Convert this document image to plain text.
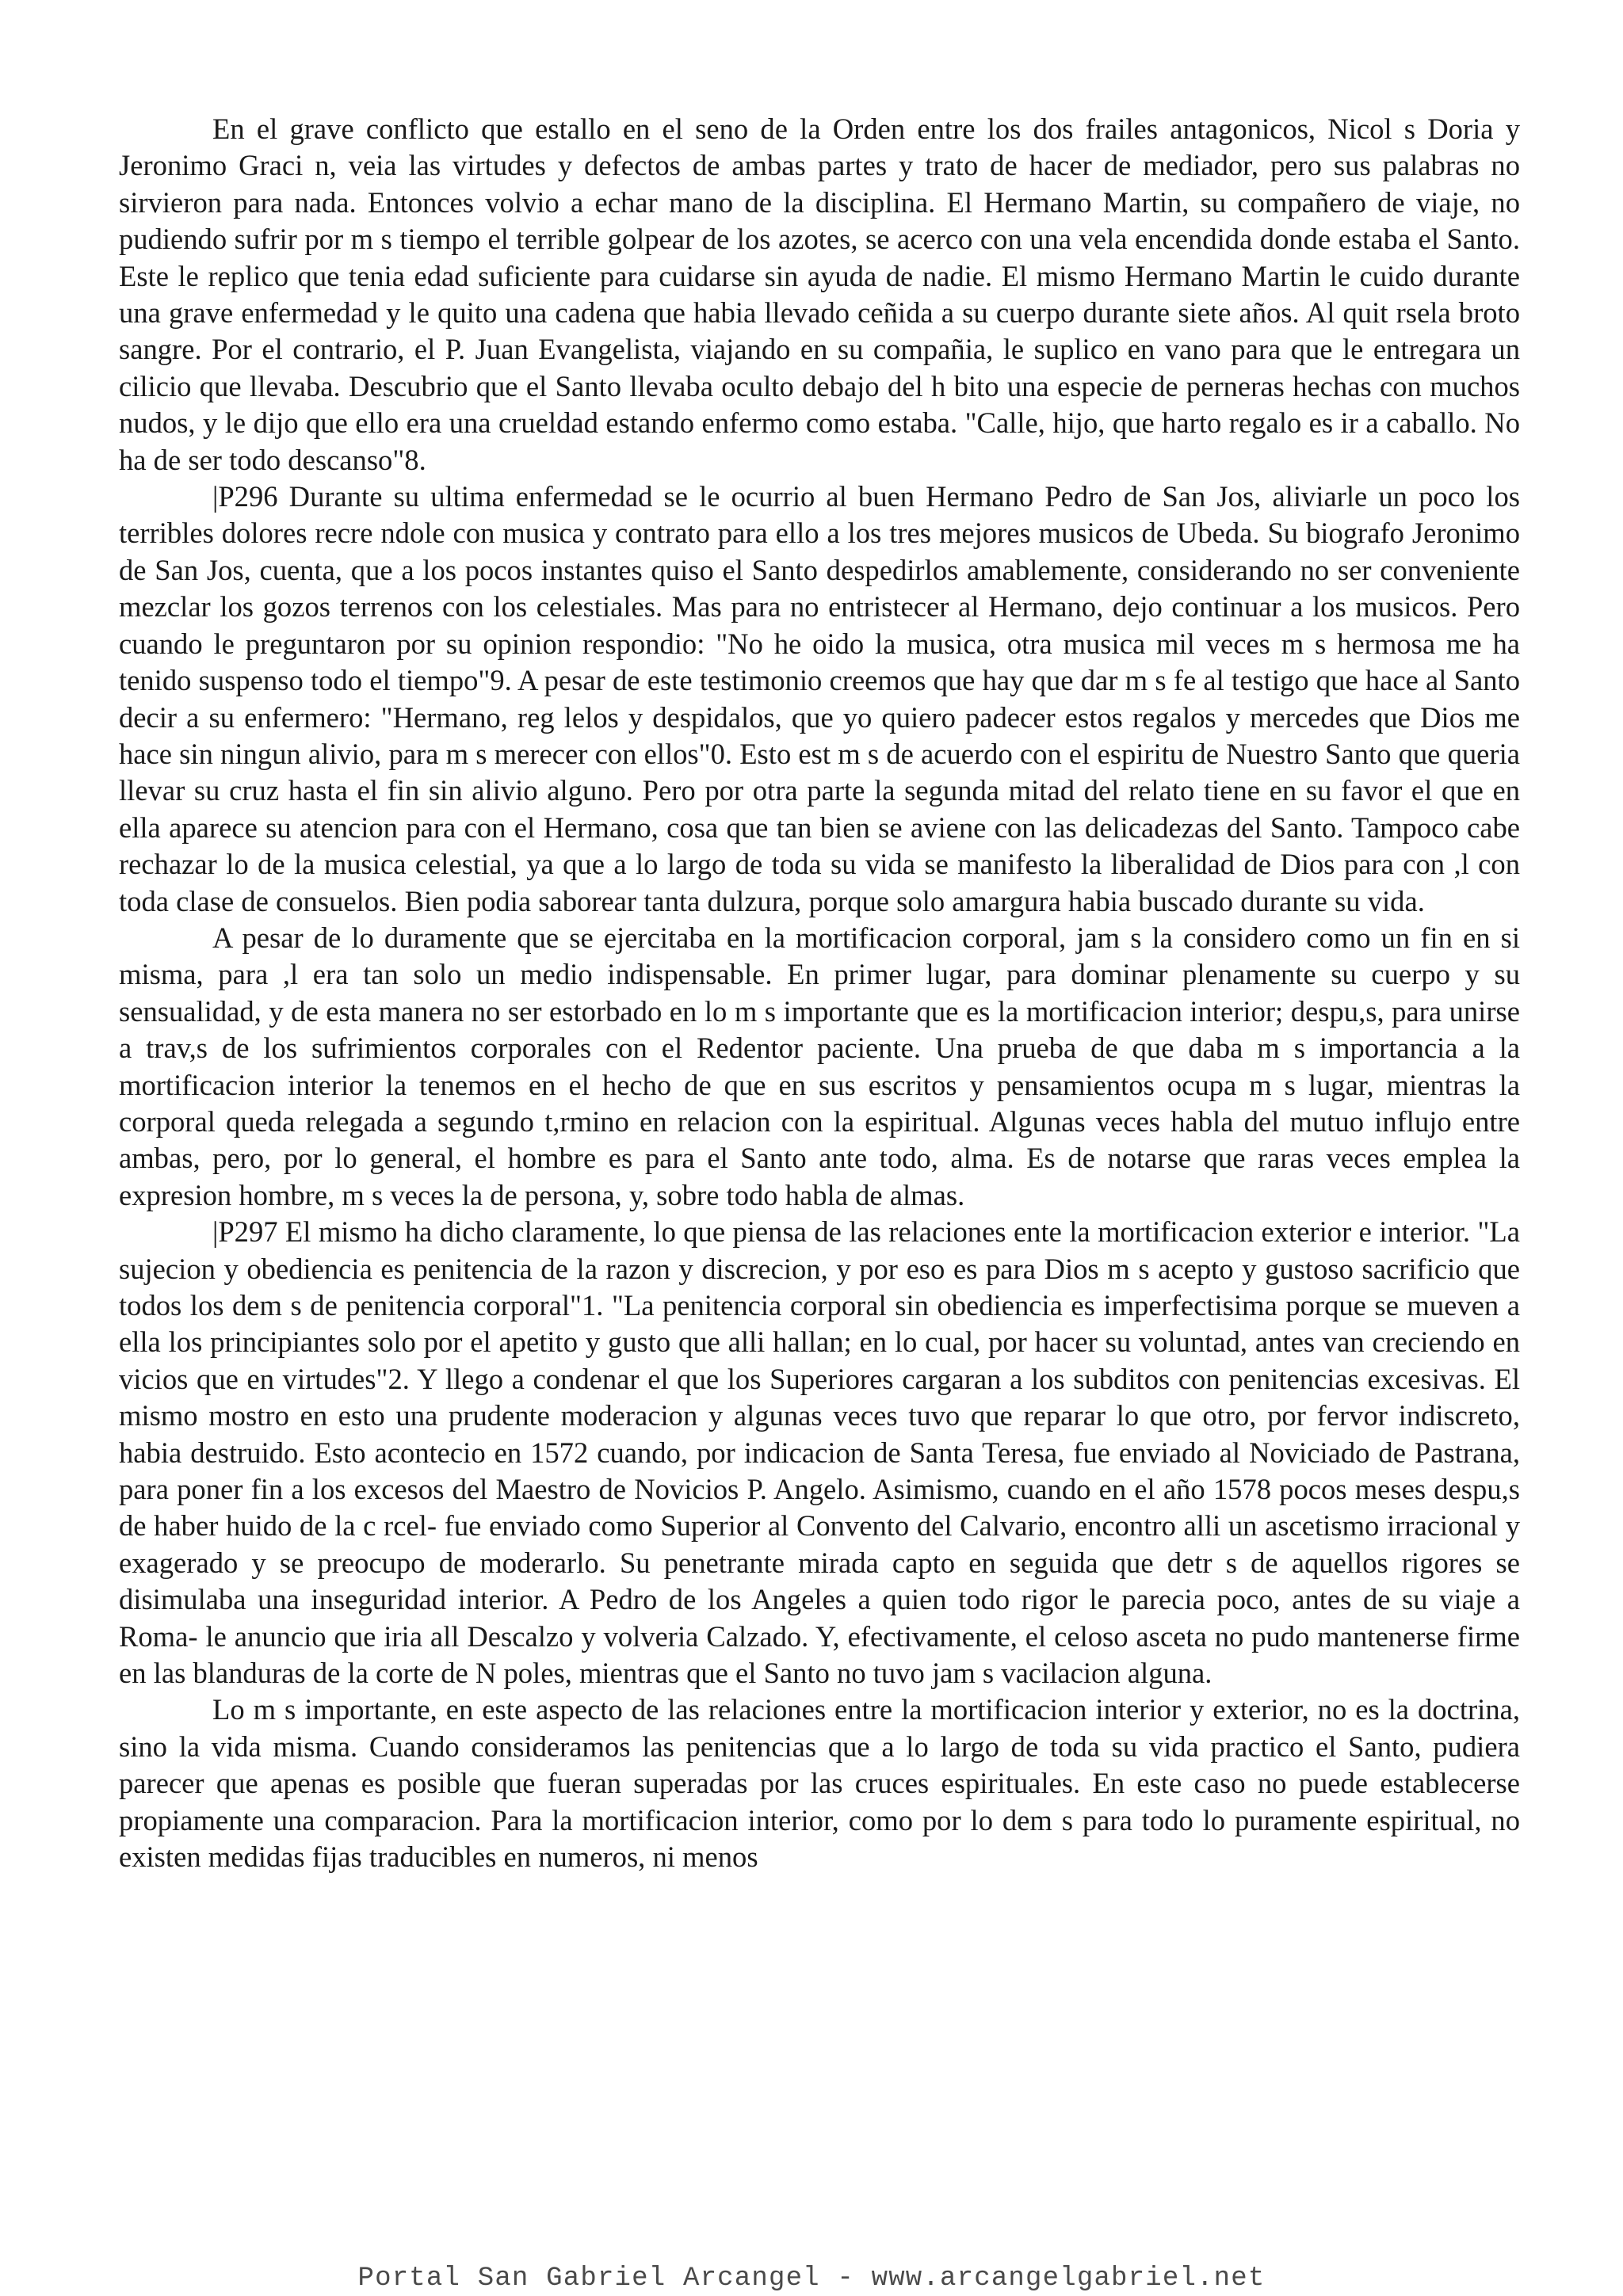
En el grave conflicto que estallo en el seno de la Orden entre los dos frailes antagonicos, Nicol s Doria y Jeronimo Graci n, veia las virtudes y defectos de ambas partes y trato de hacer de mediador, pero sus palabras no sirvieron para nada. Entonces volvio a echar mano de la disciplina. El Hermano Martin, su compañero de viaje, no pudiendo sufrir por m s tiempo el terrible golpear de los azotes, se acerco con una vela encendida donde estaba el Santo. Este le replico que tenia edad suficiente para cuidarse sin ayuda de nadie. El mismo Hermano Martin le cuido durante una grave enfermedad y le quito una cadena que habia llevado ceñida a su cuerpo durante siete años. Al quit rsela broto sangre. Por el contrario, el P. Juan Evangelista, viajando en su compañia, le suplico en vano para que le entregara un cilicio que llevaba. Descubrio que el Santo llevaba oculto debajo del h bito una especie de perneras hechas con muchos nudos, y le dijo que ello era una crueldad estando enfermo como estaba. "Calle, hijo, que harto regalo es ir a caballo. No ha de ser todo descanso"8.

|P296 Durante su ultima enfermedad se le ocurrio al buen Hermano Pedro de San Jos, aliviarle un poco los terribles dolores recre ndole con musica y contrato para ello a los tres mejores musicos de Ubeda. Su biografo Jeronimo de San Jos, cuenta, que a los pocos instantes quiso el Santo despedirlos amablemente, considerando no ser conveniente mezclar los gozos terrenos con los celestiales. Mas para no entristecer al Hermano, dejo continuar a los musicos. Pero cuando le preguntaron por su opinion respondio: "No he oido la musica, otra musica mil veces m s hermosa me ha tenido suspenso todo el tiempo"9. A pesar de este testimonio creemos que hay que dar m s fe al testigo que hace al Santo decir a su enfermero: "Hermano, reg lelos y despidalos, que yo quiero padecer estos regalos y mercedes que Dios me hace sin ningun alivio, para m s merecer con ellos"0. Esto est m s de acuerdo con el espiritu de Nuestro Santo que queria llevar su cruz hasta el fin sin alivio alguno. Pero por otra parte la segunda mitad del relato tiene en su favor el que en ella aparece su atencion para con el Hermano, cosa que tan bien se aviene con las delicadezas del Santo. Tampoco cabe rechazar lo de la musica celestial, ya que a lo largo de toda su vida se manifesto la liberalidad de Dios para con ,l con toda clase de consuelos. Bien podia saborear tanta dulzura, porque solo amargura habia buscado durante su vida.

A pesar de lo duramente que se ejercitaba en la mortificacion corporal, jam s la considero como un fin en si misma, para ,l era tan solo un medio indispensable. En primer lugar, para dominar plenamente su cuerpo y su sensualidad, y de esta manera no ser estorbado en lo m s importante que es la mortificacion interior; despu,s, para unirse a trav,s de los sufrimientos corporales con el Redentor paciente. Una prueba de que daba m s importancia a la mortificacion interior la tenemos en el hecho de que en sus escritos y pensamientos ocupa m s lugar, mientras la corporal queda relegada a segundo t,rmino en relacion con la espiritual. Algunas veces habla del mutuo influjo entre ambas, pero, por lo general, el hombre es para el Santo ante todo, alma. Es de notarse que raras veces emplea la expresion hombre, m s veces la de persona, y, sobre todo habla de almas.

|P297 El mismo ha dicho claramente, lo que piensa de las relaciones ente la mortificacion exterior e interior. "La sujecion y obediencia es penitencia de la razon y discrecion, y por eso es para Dios m s acepto y gustoso sacrificio que todos los dem s de penitencia corporal"1. "La penitencia corporal sin obediencia es imperfectisima porque se mueven a ella los principiantes solo por el apetito y gusto que alli hallan; en lo cual, por hacer su voluntad, antes van creciendo en vicios que en virtudes"2. Y llego a condenar el que los Superiores cargaran a los subditos con penitencias excesivas. El mismo mostro en esto una prudente moderacion y algunas veces tuvo que reparar lo que otro, por fervor indiscreto, habia destruido. Esto acontecio en 1572 cuando, por indicacion de Santa Teresa, fue enviado al Noviciado de Pastrana, para poner fin a los excesos del Maestro de Novicios P. Angelo. Asimismo, cuando en el año 1578 pocos meses despu,s de haber huido de la c rcel- fue enviado como Superior al Convento del Calvario, encontro alli un ascetismo irracional y exagerado y se preocupo de moderarlo. Su penetrante mirada capto en seguida que detr s de aquellos rigores se disimulaba una inseguridad interior. A Pedro de los Angeles a quien todo rigor le parecia poco, antes de su viaje a Roma- le anuncio que iria all Descalzo y volveria Calzado. Y, efectivamente, el celoso asceta no pudo mantenerse firme en las blanduras de la corte de N poles, mientras que el Santo no tuvo jam s vacilacion alguna.

Lo m s importante, en este aspecto de las relaciones entre la mortificacion interior y exterior, no es la doctrina, sino la vida misma. Cuando consideramos las penitencias que a lo largo de toda su vida practico el Santo, pudiera parecer que apenas es posible que fueran superadas por las cruces espirituales. En este caso no puede establecerse propiamente una comparacion. Para la mortificacion interior, como por lo dem s para todo lo puramente espiritual, no existen medidas fijas traducibles en numeros, ni menos

Portal San Gabriel Arcangel - www.arcangelgabriel.net
